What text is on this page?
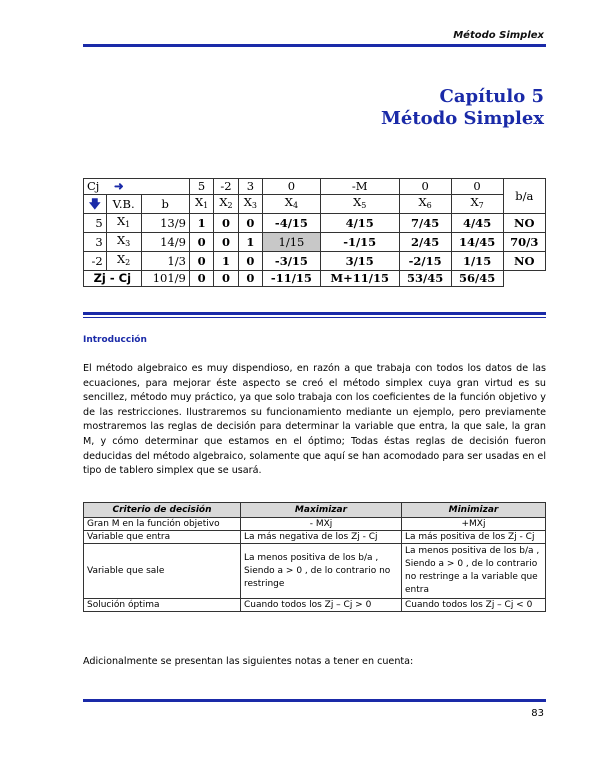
Método Simplex
Capítulo 5
Método Simplex
Cj ➜			5	-2	3	0	-M	0	0	b/a
🡇	V.B.	b	$X_1$	$X_2$	$X_3$	$X_4$	$X_5$	$X_6$	$X_7$
5	$X_1$	13/9	1	0	0	-4/15	4/15	7/45	4/45	NO
3	$X_3$	14/9	0	0	1	1/15	-1/15	2/45	14/45	70/3
-2	$X_2$	1/3	0	1	0	-3/15	3/15	-2/15	1/15	NO
Zj - Cj		101/9	0	0	0	-11/15	M+11/15	53/45	56/45	
Introducción
El método algebraico es muy dispendioso, en razón a que trabaja con todos los datos de las ecuaciones, para mejorar éste aspecto se creó el método simplex cuya gran virtud es su sencillez, método muy práctico, ya que solo trabaja con los coeficientes de la función objetivo y de las restricciones. Ilustraremos su funcionamiento mediante un ejemplo, pero previamente mostraremos las reglas de decisión para determinar la variable que entra, la que sale, la gran M, y cómo determinar que estamos en el óptimo; Todas éstas reglas de decisión fueron deducidas del método algebraico, solamente que aquí se han acomodado para ser usadas en el tipo de tablero simplex que se usará.
Criterio de decisión	Maximizar	Minimizar
Gran M en la función objetivo	- MXj	+MXj
Variable que entra	La más negativa de los Zj - Cj	La más positiva de los Zj - Cj
Variable que sale	La menos positiva de los b/a , Siendo a > 0 , de lo contrario no restringe	La menos positiva de los b/a , Siendo a > 0 , de lo contrario no restringe a la variable que entra
Solución óptima	Cuando todos los Zj – Cj > 0	Cuando todos los Zj – Cj < 0
Adicionalmente se presentan las siguientes notas a tener en cuenta:
83
